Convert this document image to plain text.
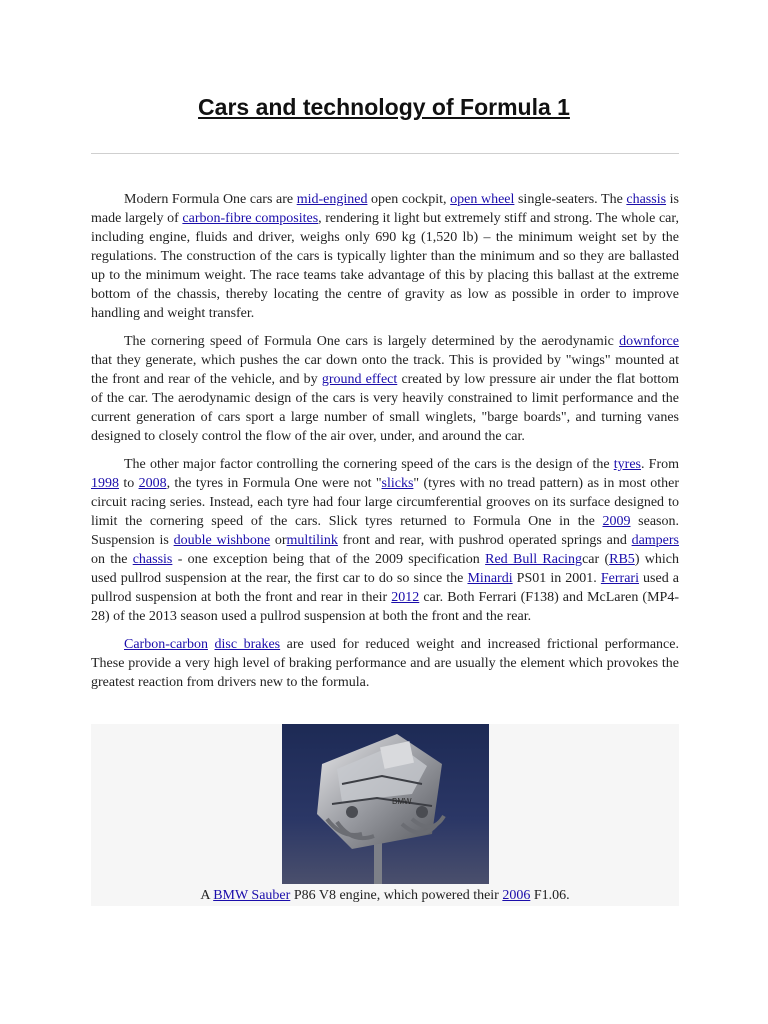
Cars and technology of Formula 1

Modern Formula One cars are mid-engined open cockpit, open wheel single-seaters. The chassis is made largely of carbon-fibre composites, rendering it light but extremely stiff and strong. The whole car, including engine, fluids and driver, weighs only 690 kg (1,520 lb) – the minimum weight set by the regulations. The construction of the cars is typically lighter than the minimum and so they are ballasted up to the minimum weight. The race teams take advantage of this by placing this ballast at the extreme bottom of the chassis, thereby locating the centre of gravity as low as possible in order to improve handling and weight transfer.

The cornering speed of Formula One cars is largely determined by the aerodynamic downforce that they generate, which pushes the car down onto the track. This is provided by "wings" mounted at the front and rear of the vehicle, and by ground effect created by low pressure air under the flat bottom of the car. The aerodynamic design of the cars is very heavily constrained to limit performance and the current generation of cars sport a large number of small winglets, "barge boards", and turning vanes designed to closely control the flow of the air over, under, and around the car.

The other major factor controlling the cornering speed of the cars is the design of the tyres. From 1998 to 2008, the tyres in Formula One were not "slicks" (tyres with no tread pattern) as in most other circuit racing series. Instead, each tyre had four large circumferential grooves on its surface designed to limit the cornering speed of the cars. Slick tyres returned to Formula One in the 2009 season. Suspension is double wishbone ormultilink front and rear, with pushrod operated springs and dampers on the chassis - one exception being that of the 2009 specification Red Bull Racingcar (RB5) which used pullrod suspension at the rear, the first car to do so since the Minardi PS01 in 2001. Ferrari used a pullrod suspension at both the front and rear in their 2012 car. Both Ferrari (F138) and McLaren (MP4-28) of the 2013 season used a pullrod suspension at both the front and the rear.

Carbon-carbon disc brakes are used for reduced weight and increased frictional performance. These provide a very high level of braking performance and are usually the element which provokes the greatest reaction from drivers new to the formula.

BMW
A BMW Sauber P86 V8 engine, which powered their 2006 F1.06.
